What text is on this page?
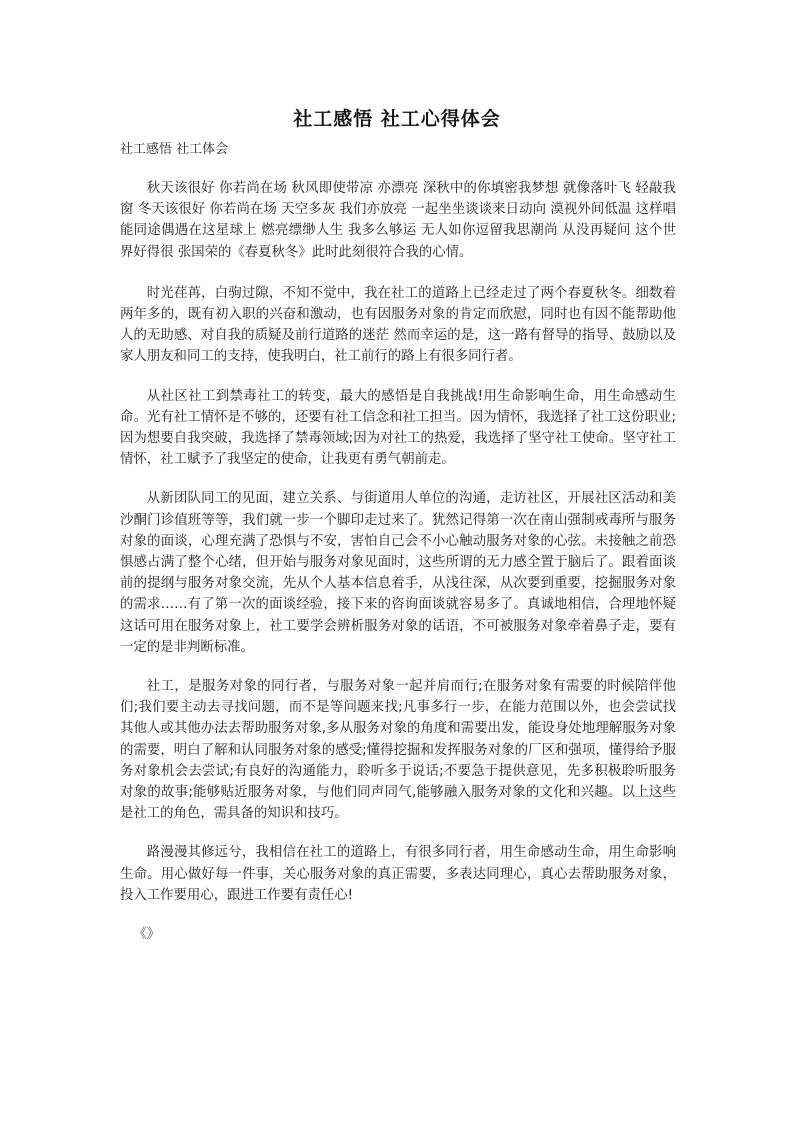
社工感悟 社工心得体会
社工感悟 社工体会

秋天该很好 你若尚在场 秋风即使带凉 亦漂亮 深秋中的你填密我梦想 就像落叶飞 轻敲我窗 冬天该很好 你若尚在场 天空多灰 我们亦放亮 一起坐坐谈谈来日动向 漠视外间低温 这样唱 能同途偶遇在这星球上 燃亮缥缈人生 我多么够运 无人如你逗留我思潮尚 从没再疑问 这个世界好得很 张国荣的《春夏秋冬》此时此刻很符合我的心情。

时光荏苒，白驹过隙，不知不觉中，我在社工的道路上已经走过了两个春夏秋冬。细数着两年多的，既有初入职的兴奋和激动，也有因服务对象的肯定而欣慰，同时也有因不能帮助他人的无助感、对自我的质疑及前行道路的迷茫 然而幸运的是，这一路有督导的指导、鼓励以及家人朋友和同工的支持，使我明白，社工前行的路上有很多同行者。

从社区社工到禁毒社工的转变，最大的感悟是自我挑战!用生命影响生命，用生命感动生命。光有社工情怀是不够的，还要有社工信念和社工担当。因为情怀，我选择了社工这份职业;因为想要自我突破，我选择了禁毒领域;因为对社工的热爱，我选择了坚守社工使命。坚守社工情怀，社工赋予了我坚定的使命，让我更有勇气朝前走。

从新团队同工的见面，建立关系、与街道用人单位的沟通，走访社区，开展社区活动和美沙酮门诊值班等等，我们就一步一个脚印走过来了。犹然记得第一次在南山强制戒毒所与服务对象的面谈，心理充满了恐惧与不安，害怕自己会不小心触动服务对象的心弦。未接触之前恐惧感占满了整个心绪，但开始与服务对象见面时，这些所谓的无力感全置于脑后了。跟着面谈前的提纲与服务对象交流，先从个人基本信息着手，从浅往深，从次要到重要，挖掘服务对象的需求……有了第一次的面谈经验，接下来的咨询面谈就容易多了。真诚地相信，合理地怀疑 这话可用在服务对象上，社工要学会辨析服务对象的话语，不可被服务对象牵着鼻子走，要有一定的是非判断标准。

社工，是服务对象的同行者，与服务对象一起并肩而行;在服务对象有需要的时候陪伴他们;我们要主动去寻找问题，而不是等问题来找;凡事多行一步，在能力范围以外，也会尝试找其他人或其他办法去帮助服务对象,多从服务对象的角度和需要出发，能设身处地理解服务对象的需要，明白了解和认同服务对象的感受;懂得挖掘和发挥服务对象的厂区和强项，懂得给予服务对象机会去尝试;有良好的沟通能力，聆听多于说话;不要急于提供意见，先多积极聆听服务对象的故事;能够贴近服务对象，与他们同声同气,能够融入服务对象的文化和兴趣。以上这些是社工的角色，需具备的知识和技巧。

路漫漫其修远兮，我相信在社工的道路上，有很多同行者，用生命感动生命，用生命影响生命。用心做好每一件事，关心服务对象的真正需要，多表达同理心，真心去帮助服务对象，投入工作要用心，跟进工作要有责任心!

《》
